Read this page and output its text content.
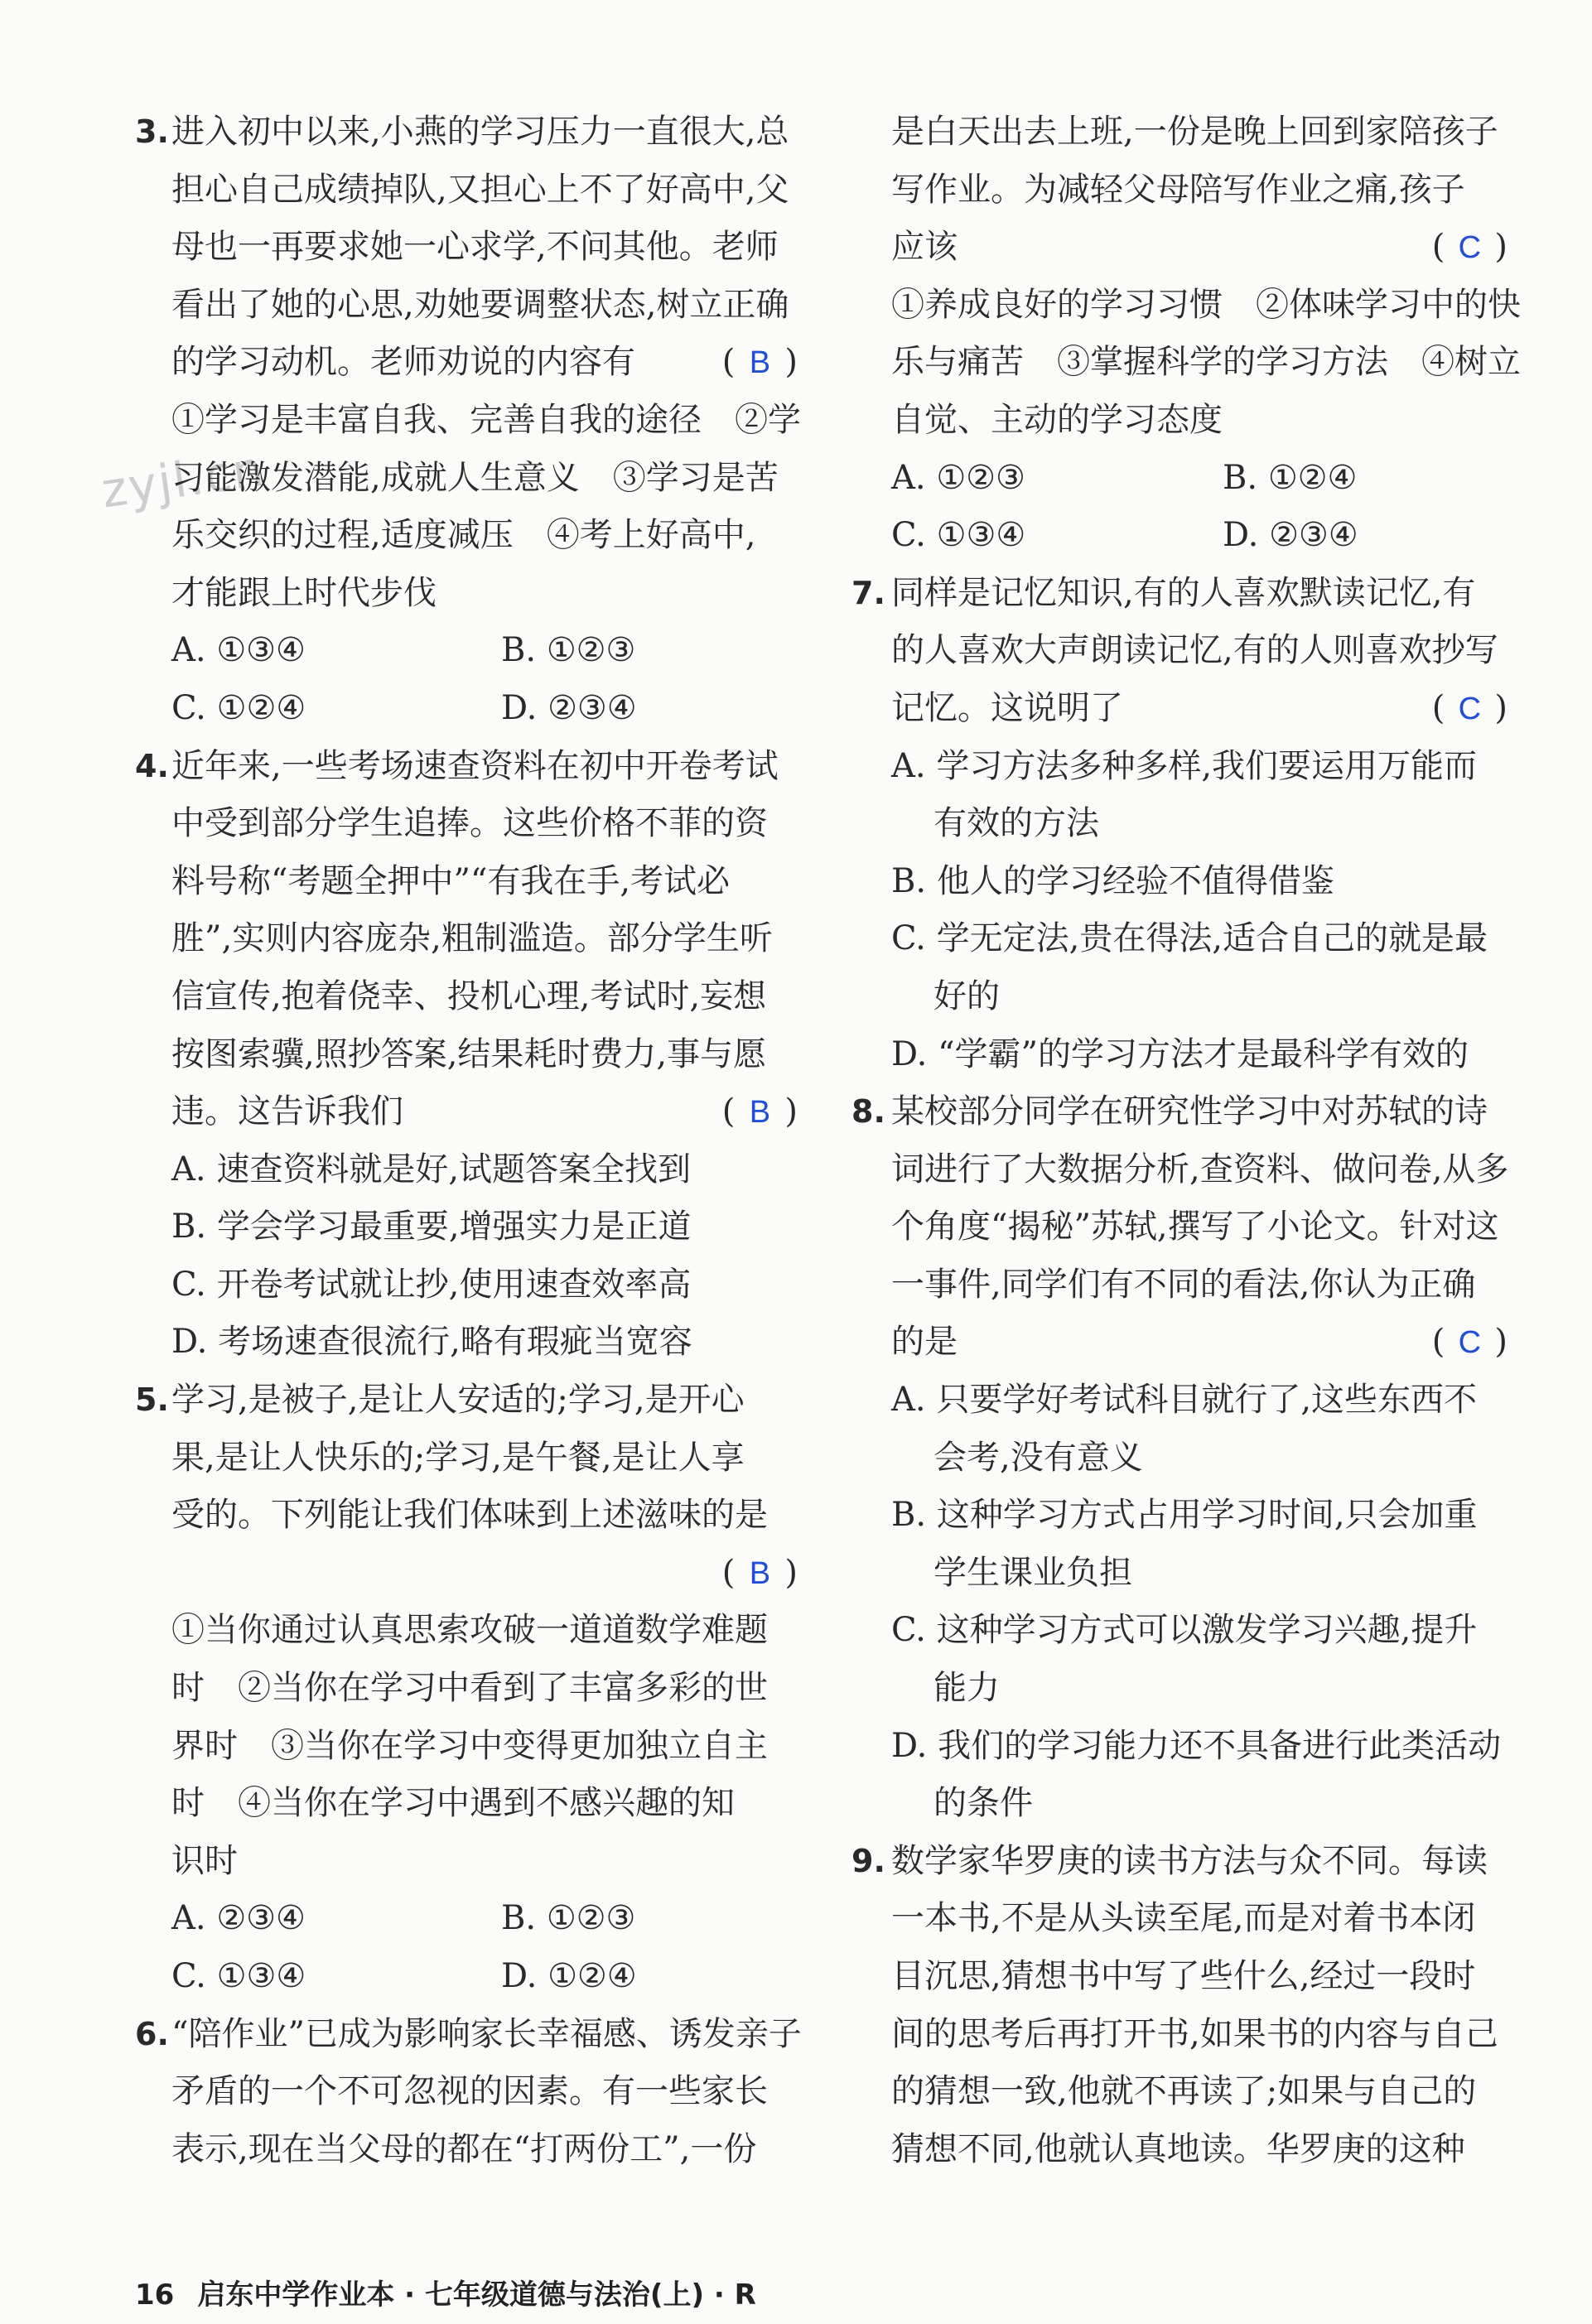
zyjl.cn
3. 进入初中以来,小燕的学习压力一直很大,总
担心自己成绩掉队,又担心上不了好高中,父
母也一再要求她一心求学,不问其他。老师
看出了她的心思,劝她要调整状态,树立正确
的学习动机。老师劝说的内容有	( B )
①学习是丰富自我、完善自我的途径　②学
习能激发潜能,成就人生意义　③学习是苦
乐交织的过程,适度减压　④考上好高中,
才能跟上时代步伐
A. ①③④	B. ①②③
C. ①②④	D. ②③④
4. 近年来,一些考场速查资料在初中开卷考试
中受到部分学生追捧。这些价格不菲的资
料号称“考题全押中”“有我在手,考试必
胜”,实则内容庞杂,粗制滥造。部分学生听
信宣传,抱着侥幸、投机心理,考试时,妄想
按图索骥,照抄答案,结果耗时费力,事与愿
违。这告诉我们	( B )
A. 速查资料就是好,试题答案全找到
B. 学会学习最重要,增强实力是正道
C. 开卷考试就让抄,使用速查效率高
D. 考场速查很流行,略有瑕疵当宽容
5. 学习,是被子,是让人安适的;学习,是开心
果,是让人快乐的;学习,是午餐,是让人享
受的。下列能让我们体味到上述滋味的是
( B )
①当你通过认真思索攻破一道道数学难题
时　②当你在学习中看到了丰富多彩的世
界时　③当你在学习中变得更加独立自主
时　④当你在学习中遇到不感兴趣的知
识时
A. ②③④	B. ①②③
C. ①③④	D. ①②④
6. “陪作业”已成为影响家长幸福感、诱发亲子
矛盾的一个不可忽视的因素。有一些家长
表示,现在当父母的都在“打两份工”,一份
是白天出去上班,一份是晚上回到家陪孩子
写作业。为减轻父母陪写作业之痛,孩子
应该	( C )
①养成良好的学习习惯　②体味学习中的快
乐与痛苦　③掌握科学的学习方法　④树立
自觉、主动的学习态度
A. ①②③	B. ①②④
C. ①③④	D. ②③④
7. 同样是记忆知识,有的人喜欢默读记忆,有
的人喜欢大声朗读记忆,有的人则喜欢抄写
记忆。这说明了	( C )
A. 学习方法多种多样,我们要运用万能而
有效的方法
B. 他人的学习经验不值得借鉴
C. 学无定法,贵在得法,适合自己的就是最
好的
D. “学霸”的学习方法才是最科学有效的
8. 某校部分同学在研究性学习中对苏轼的诗
词进行了大数据分析,查资料、做问卷,从多
个角度“揭秘”苏轼,撰写了小论文。针对这
一事件,同学们有不同的看法,你认为正确
的是	( C )
A. 只要学好考试科目就行了,这些东西不
会考,没有意义
B. 这种学习方式占用学习时间,只会加重
学生课业负担
C. 这种学习方式可以激发学习兴趣,提升
能力
D. 我们的学习能力还不具备进行此类活动
的条件
9. 数学家华罗庚的读书方法与众不同。每读
一本书,不是从头读至尾,而是对着书本闭
目沉思,猜想书中写了些什么,经过一段时
间的思考后再打开书,如果书的内容与自己
的猜想一致,他就不再读了;如果与自己的
猜想不同,他就认真地读。华罗庚的这种
16 启东中学作业本 · 七年级道德与法治(上) · R
